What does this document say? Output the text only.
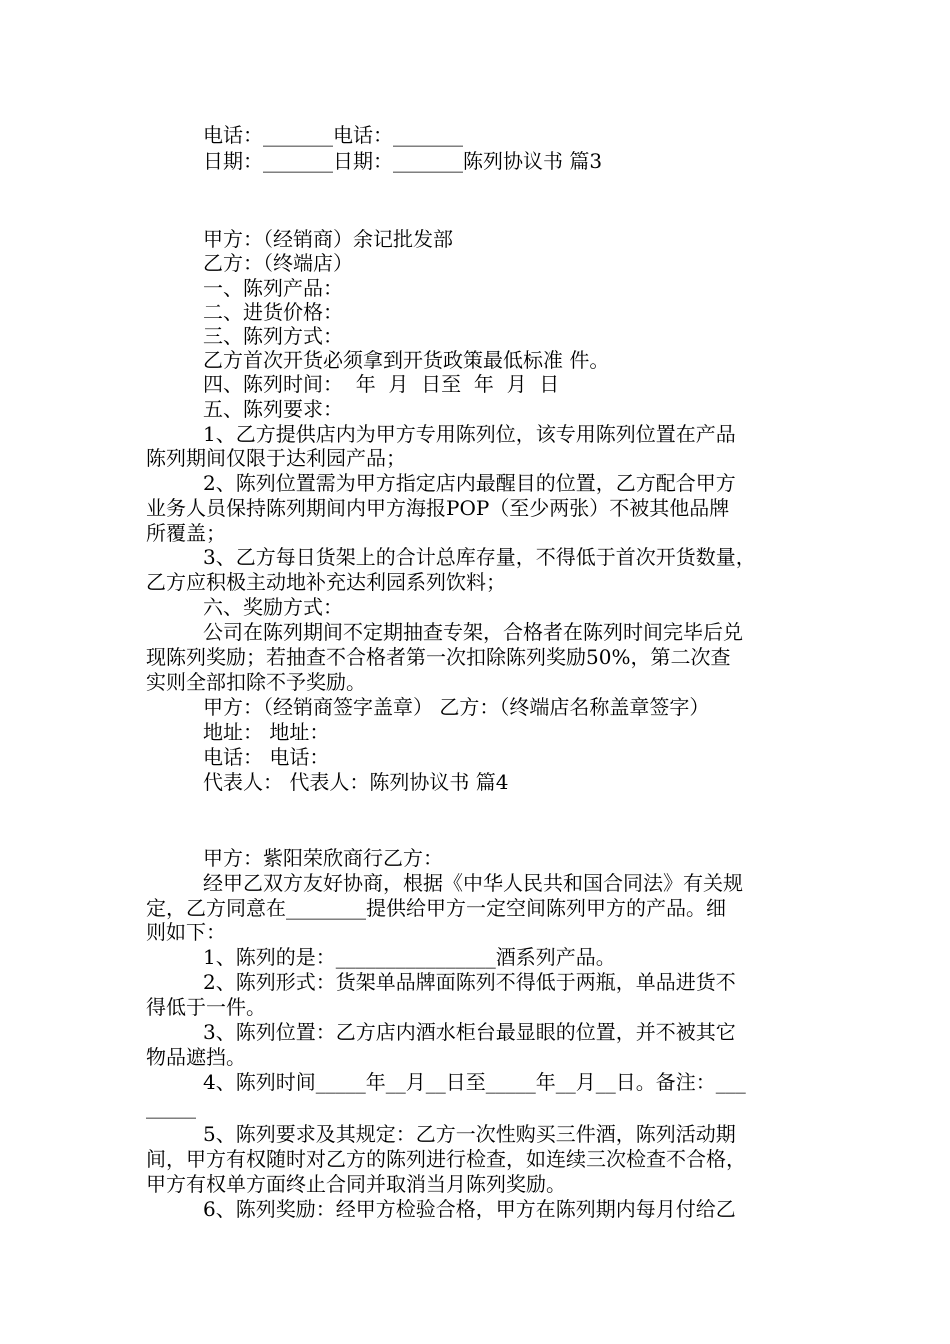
电话：_______电话：_______
日期：_______日期：_______陈列协议书 篇3
甲方：（经销商）余记批发部
乙方：（终端店）
一、陈列产品：
二、进货价格：
三、陈列方式：
乙方首次开货必须拿到开货政策最低标准 件。
四、陈列时间：  年  月  日至  年  月  日
五、陈列要求：
1、乙方提供店内为甲方专用陈列位，该专用陈列位置在产品
陈列期间仅限于达利园产品；
2、陈列位置需为甲方指定店内最醒目的位置，乙方配合甲方
业务人员保持陈列期间内甲方海报POP（至少两张）不被其他品牌
所覆盖；
3、乙方每日货架上的合计总库存量，不得低于首次开货数量，
乙方应积极主动地补充达利园系列饮料；
六、奖励方式：
公司在陈列期间不定期抽查专架，合格者在陈列时间完毕后兑
现陈列奖励；若抽查不合格者第一次扣除陈列奖励50%，第二次查
实则全部扣除不予奖励。
甲方：（经销商签字盖章） 乙方：（终端店名称盖章签字）
地址： 地址：
电话： 电话：
代表人： 代表人：陈列协议书 篇4
甲方：紫阳荣欣商行乙方：
经甲乙双方友好协商，根据《中华人民共和国合同法》有关规
定，乙方同意在________提供给甲方一定空间陈列甲方的产品。细
则如下：
1、陈列的是：________________酒系列产品。
2、陈列形式：货架单品牌面陈列不得低于两瓶，单品进货不
得低于一件。
3、陈列位置：乙方店内酒水柜台最显眼的位置，并不被其它
物品遮挡。
4、陈列时间_____年__月__日至_____年__月__日。备注：___
_____
5、陈列要求及其规定：乙方一次性购买三件酒，陈列活动期
间，甲方有权随时对乙方的陈列进行检查，如连续三次检查不合格，
甲方有权单方面终止合同并取消当月陈列奖励。
6、陈列奖励：经甲方检验合格，甲方在陈列期内每月付给乙
